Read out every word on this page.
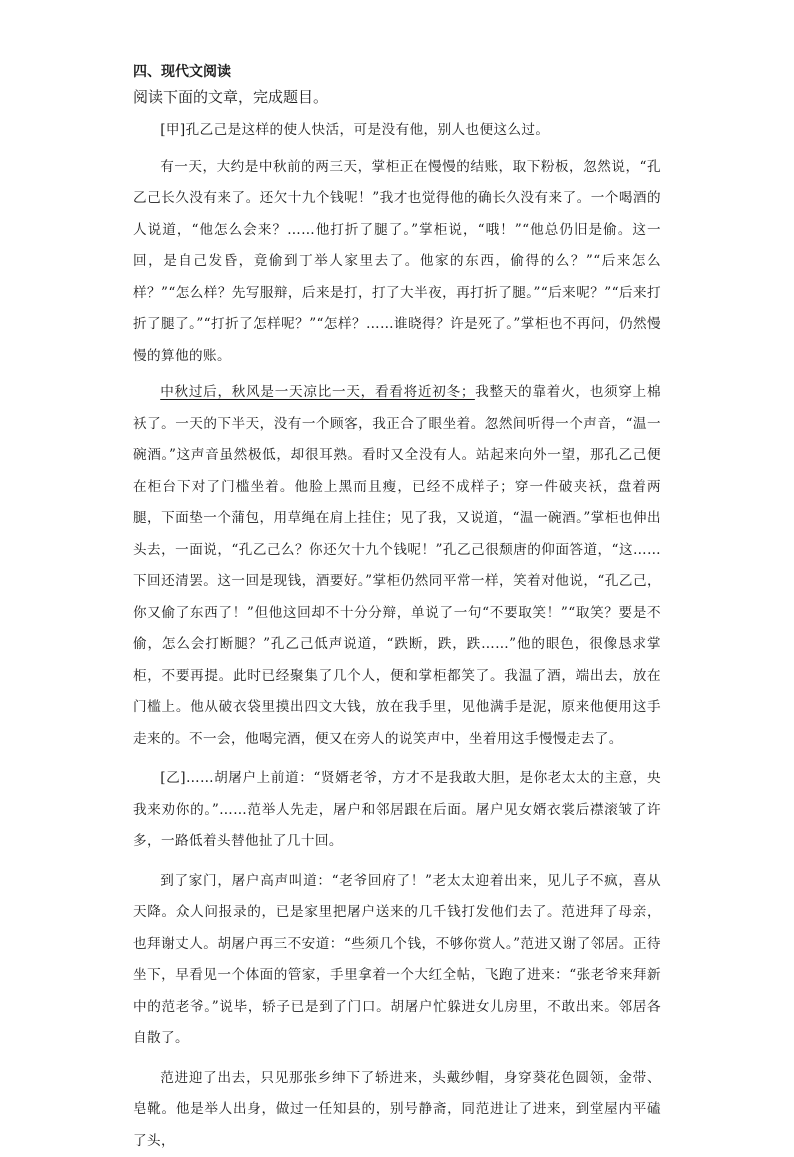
四、现代文阅读
阅读下面的文章，完成题目。

[甲]孔乙己是这样的使人快活，可是没有他，别人也便这么过。

有一天，大约是中秋前的两三天，掌柜正在慢慢的结账，取下粉板，忽然说，“孔乙己长久没有来了。还欠十九个钱呢！”我才也觉得他的确长久没有来了。一个喝酒的人说道，“他怎么会来？……他打折了腿了。”掌柜说，“哦！”“他总仍旧是偷。这一回，是自己发昏，竟偷到丁举人家里去了。他家的东西，偷得的么？”“后来怎么样？”“怎么样？先写服辩，后来是打，打了大半夜，再打折了腿。”“后来呢？”“后来打折了腿了。”“打折了怎样呢？”“怎样？……谁晓得？许是死了。”掌柜也不再问，仍然慢慢的算他的账。

中秋过后，秋风是一天凉比一天，看看将近初冬；我整天的靠着火，也须穿上棉袄了。一天的下半天，没有一个顾客，我正合了眼坐着。忽然间听得一个声音，“温一碗酒。”这声音虽然极低，却很耳熟。看时又全没有人。站起来向外一望，那孔乙己便在柜台下对了门槛坐着。他脸上黑而且瘦，已经不成样子；穿一件破夹袄，盘着两腿，下面垫一个蒲包，用草绳在肩上挂住；见了我，又说道，“温一碗酒。”掌柜也伸出头去，一面说，“孔乙己么？你还欠十九个钱呢！”孔乙己很颓唐的仰面答道，“这……下回还清罢。这一回是现钱，酒要好。”掌柜仍然同平常一样，笑着对他说，“孔乙己，你又偷了东西了！”但他这回却不十分分辩，单说了一句“不要取笑！”“取笑？要是不偷，怎么会打断腿？”孔乙己低声说道，“跌断，跌，跌……”他的眼色，很像恳求掌柜，不要再提。此时已经聚集了几个人，便和掌柜都笑了。我温了酒，端出去，放在门槛上。他从破衣袋里摸出四文大钱，放在我手里，见他满手是泥，原来他便用这手走来的。不一会，他喝完酒，便又在旁人的说笑声中，坐着用这手慢慢走去了。

[乙]……胡屠户上前道：“贤婿老爷，方才不是我敢大胆，是你老太太的主意，央我来劝你的。”……范举人先走，屠户和邻居跟在后面。屠户见女婿衣裳后襟滚皱了许多，一路低着头替他扯了几十回。

到了家门，屠户高声叫道：“老爷回府了！”老太太迎着出来，见儿子不疯，喜从天降。众人问报录的，已是家里把屠户送来的几千钱打发他们去了。范进拜了母亲，也拜谢丈人。胡屠户再三不安道：“些须几个钱，不够你赏人。”范进又谢了邻居。正待坐下，早看见一个体面的管家，手里拿着一个大红全帖，飞跑了进来：“张老爷来拜新中的范老爷。”说毕，轿子已是到了门口。胡屠户忙躲进女儿房里，不敢出来。邻居各自散了。

范进迎了出去，只见那张乡绅下了轿进来，头戴纱帽，身穿葵花色圆领，金带、皂靴。他是举人出身，做过一任知县的，别号静斋，同范进让了进来，到堂屋内平磕了头，
